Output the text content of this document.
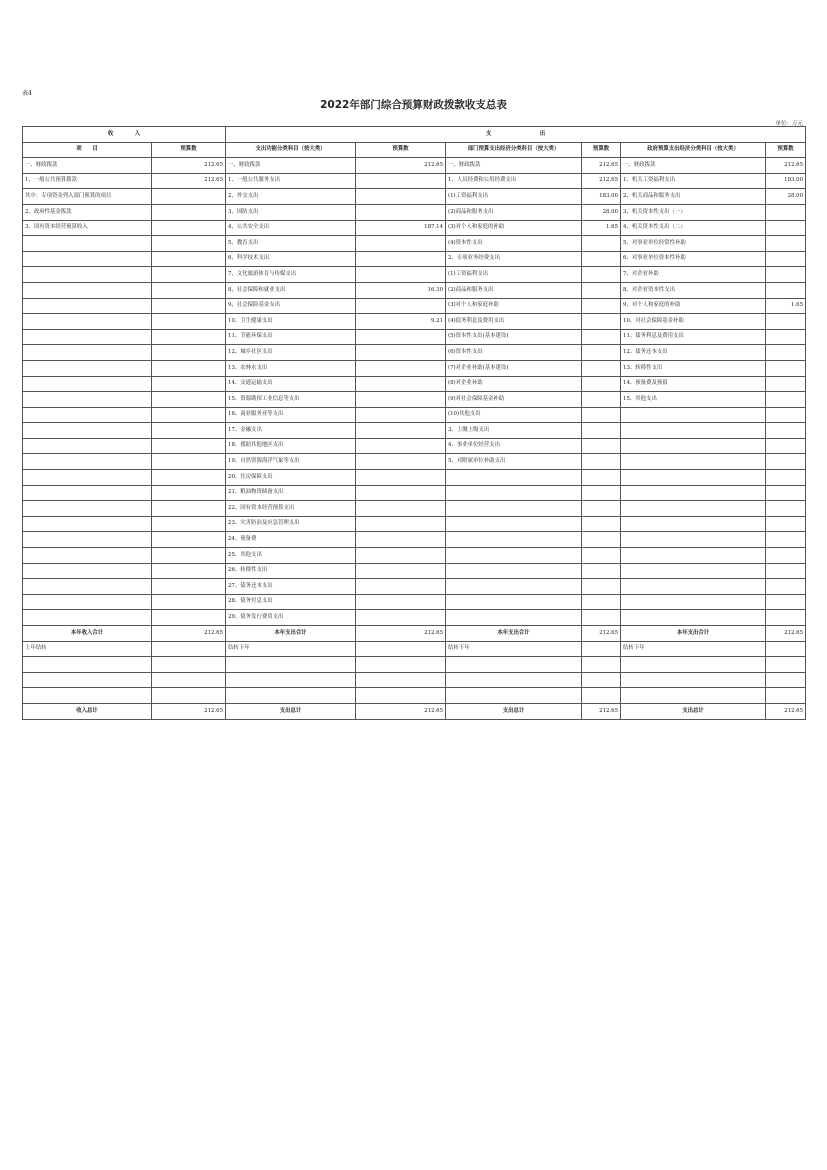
表4
2022年部门综合预算财政拨款收支总表
单位：万元
收　　　　入		支　　　　　　　　　出					
项　　目	预算数	支出功能分类科目（按大类）	预算数	部门预算支出经济分类科目（按大类）	预算数	政府预算支出经济分类科目（按大类）	预算数
一、财政拨款	212.65	一、财政拨款	212.65	一、财政拨款	212.65	一、财政拨款	212.65
1、一般公共预算拨款	212.65	1、一般公共服务支出		1、人员经费和公用经费支出	212.65	1、机关工资福利支出	183.00
其中：专项资金列入部门预算的项目		2、外交支出		(1)工资福利支出	183.00	2、机关商品和服务支出	28.00
2、政府性基金拨款		3、国防支出		(2)商品和服务支出	28.00	3、机关资本性支出（一）	
3、国有资本经营预算收入		4、公共安全支出	187.14	(3)对个人和家庭的补助	1.65	4、机关资本性支出（二）	
		5、教育支出		(4)资本性支出		5、对事业单位经常性补助	
		6、科学技术支出		2、专项业务经费支出		6、对事业单位资本性补助	
		7、文化旅游体育与传媒支出		(1)工资福利支出		7、对企业补助	
		8、社会保障和就业支出	16.30	(2)商品和服务支出		8、对企业资本性支出	
		9、社会保险基金支出		(3)对个人和家庭补助		9、对个人和家庭的补助	1.65
		10、卫生健康支出	9.21	(4)债务利息及费用支出		10、对社会保障基金补助	
		11、节能环保支出		(5)资本性支出(基本建设)		11、债务利息及费用支出	
		12、城乡社区支出		(6)资本性支出		12、债务还本支出	
		13、农林水支出		(7)对企业补助(基本建设)		13、转移性支出	
		14、交通运输支出		(8)对企业补助		14、预备费及预留	
		15、资源勘探工业信息等支出		(9)对社会保障基金补助		15、其他支出	
		16、商业服务业等支出		(10)其他支出			
		17、金融支出		3、上缴上级支出			
		18、援助其他地区支出		4、事业单位经营支出			
		19、自然资源海洋气象等支出		5、对附属单位补助支出			
		20、住房保障支出					
		21、粮油物资储备支出					
		22、国有资本经营预算支出					
		23、灾害防治及应急管理支出					
		24、预备费					
		25、其他支出					
		26、转移性支出					
		27、债务还本支出					
		28、债务付息支出					
		29、债务发行费用支出					
本年收入合计	212.65	本年支出合计	212.65	本年支出合计	212.65	本年支出合计	212.65
上年结转		结转下年		结转下年		结转下年	

收入总计	212.65	支出总计	212.65	支出总计	212.65	支出总计	212.65
